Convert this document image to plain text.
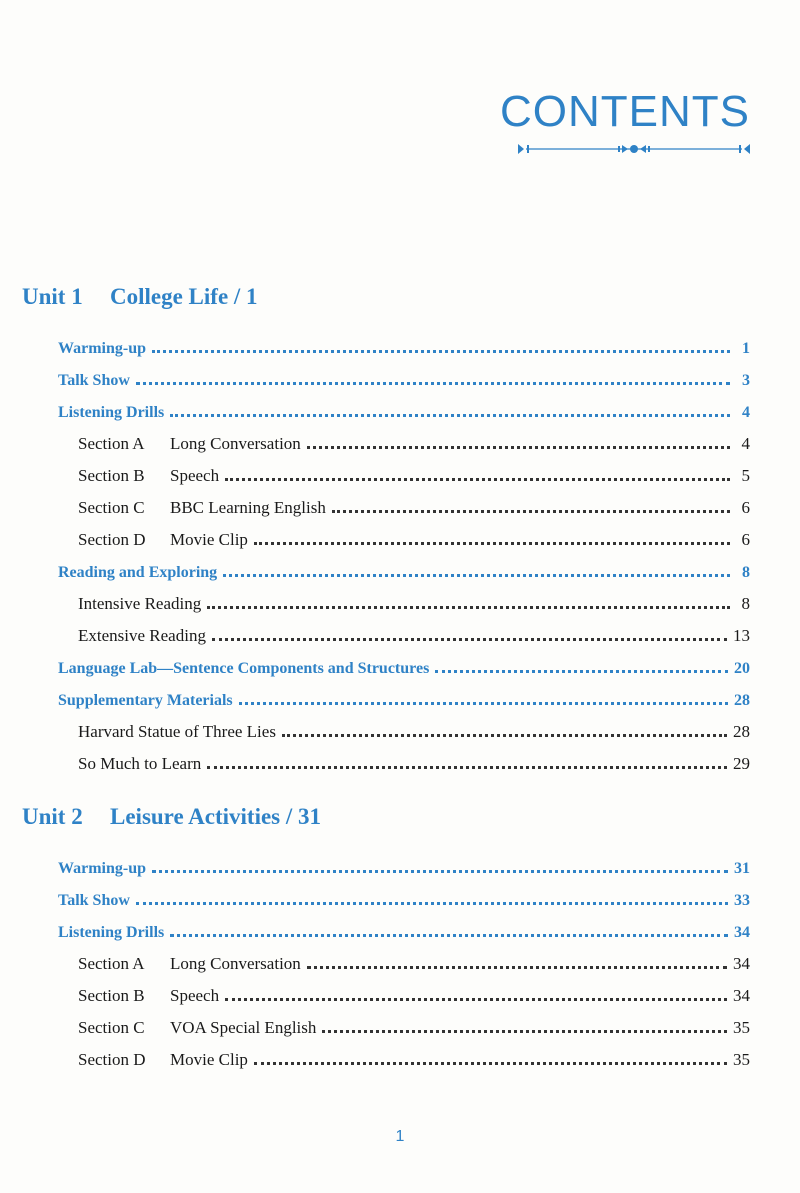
CONTENTS
Unit 1 College Life / 1
Warming-up	1
Talk Show	3
Listening Drills	4
Section A Long Conversation	4
Section B Speech	5
Section C BBC Learning English	6
Section D Movie Clip	6
Reading and Exploring	8
Intensive Reading	8
Extensive Reading	13
Language Lab—Sentence Components and Structures	20
Supplementary Materials	28
Harvard Statue of Three Lies	28
So Much to Learn	29
Unit 2 Leisure Activities / 31
Warming-up	31
Talk Show	33
Listening Drills	34
Section A Long Conversation	34
Section B Speech	34
Section C VOA Special English	35
Section D Movie Clip	35
1
